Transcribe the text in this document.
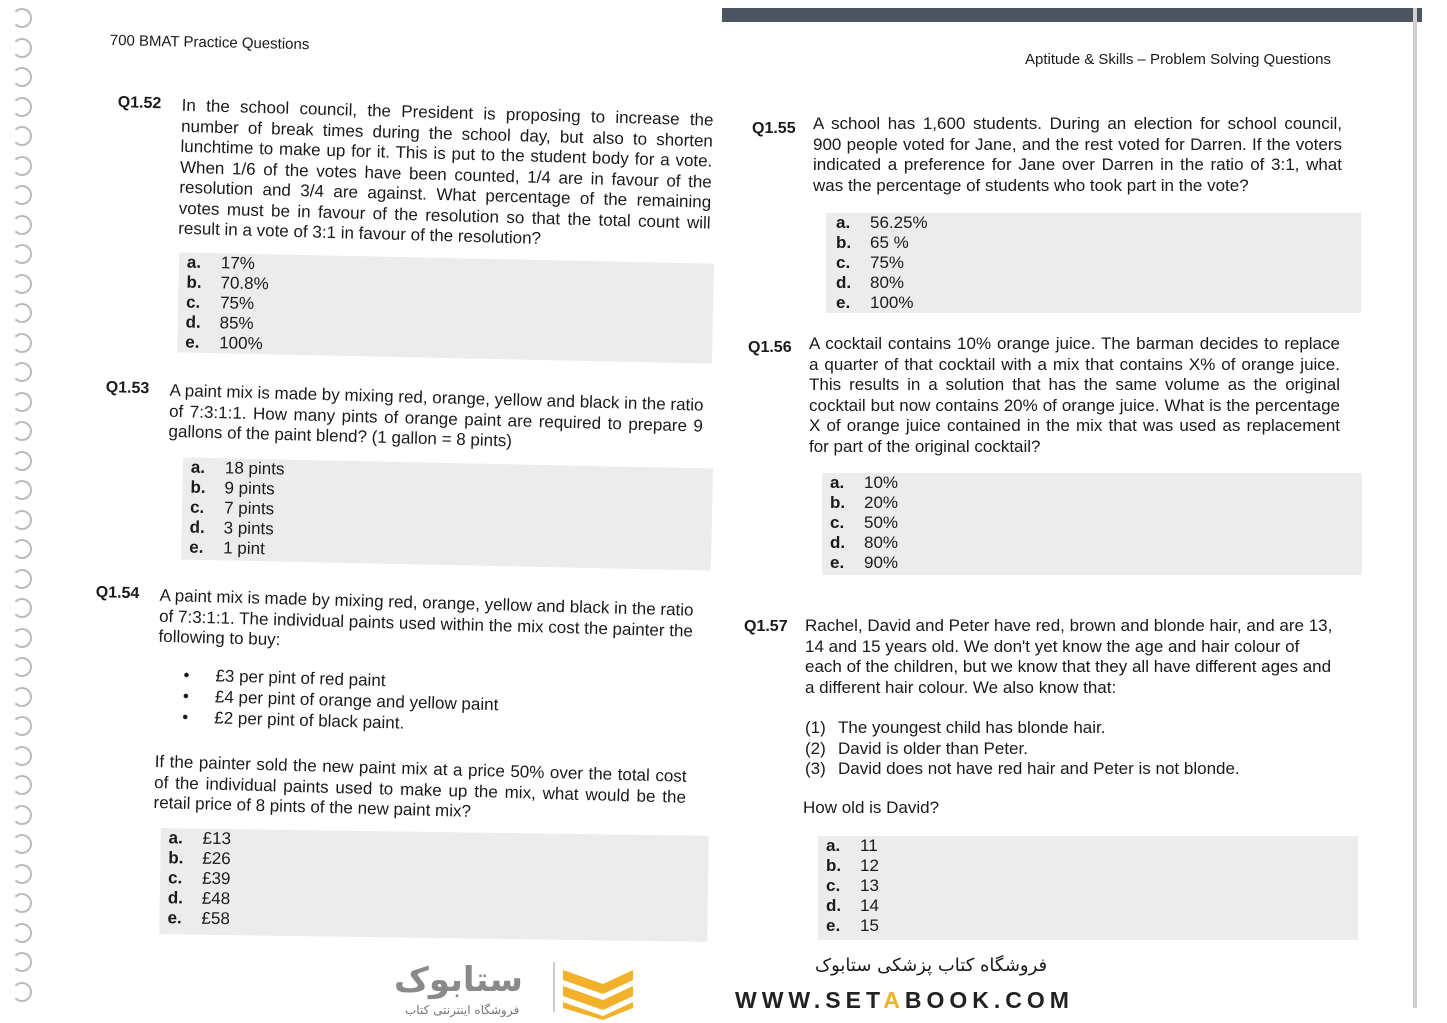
700 BMAT Practice Questions
Aptitude & Skills – Problem Solving Questions
Q1.52 In the school council, the President is proposing to increase the number of break times during the school day, but also to shorten lunchtime to make up for it. This is put to the student body for a vote. When 1/6 of the votes have been counted, 1/4 are in favour of the resolution and 3/4 are against. What percentage of the remaining votes must be in favour of the resolution so that the total count will result in a vote of 3:1 in favour of the resolution?
a. 17%
b. 70.8%
c. 75%
d. 85%
e. 100%
Q1.53 A paint mix is made by mixing red, orange, yellow and black in the ratio of 7:3:1:1. How many pints of orange paint are required to prepare 9 gallons of the paint blend? (1 gallon = 8 pints)
a. 18 pints
b. 9 pints
c. 7 pints
d. 3 pints
e. 1 pint
Q1.54 A paint mix is made by mixing red, orange, yellow and black in the ratio of 7:3:1:1. The individual paints used within the mix cost the painter the following to buy:
• £3 per pint of red paint
• £4 per pint of orange and yellow paint
• £2 per pint of black paint.
If the painter sold the new paint mix at a price 50% over the total cost of the individual paints used to make up the mix, what would be the retail price of 8 pints of the new paint mix?
a. £13
b. £26
c. £39
d. £48
e. £58
Q1.55 A school has 1,600 students. During an election for school council, 900 people voted for Jane, and the rest voted for Darren. If the voters indicated a preference for Jane over Darren in the ratio of 3:1, what was the percentage of students who took part in the vote?
a. 56.25%
b. 65 %
c. 75%
d. 80%
e. 100%
Q1.56 A cocktail contains 10% orange juice. The barman decides to replace a quarter of that cocktail with a mix that contains X% of orange juice. This results in a solution that has the same volume as the original cocktail but now contains 20% of orange juice. What is the percentage X of orange juice contained in the mix that was used as replacement for part of the original cocktail?
a. 10%
b. 20%
c. 50%
d. 80%
e. 90%
Q1.57 Rachel, David and Peter have red, brown and blonde hair, and are 13, 14 and 15 years old. We don't yet know the age and hair colour of each of the children, but we know that they all have different ages and a different hair colour. We also know that:
(1) The youngest child has blonde hair.
(2) David is older than Peter.
(3) David does not have red hair and Peter is not blonde.
How old is David?
a. 11
b. 12
c. 13
d. 14
e. 15
ستابوک
فروشگاه اینترنتی کتاب
فروشگاه کتاب پزشکی ستابوک
WWW.SETABOOK.COM
